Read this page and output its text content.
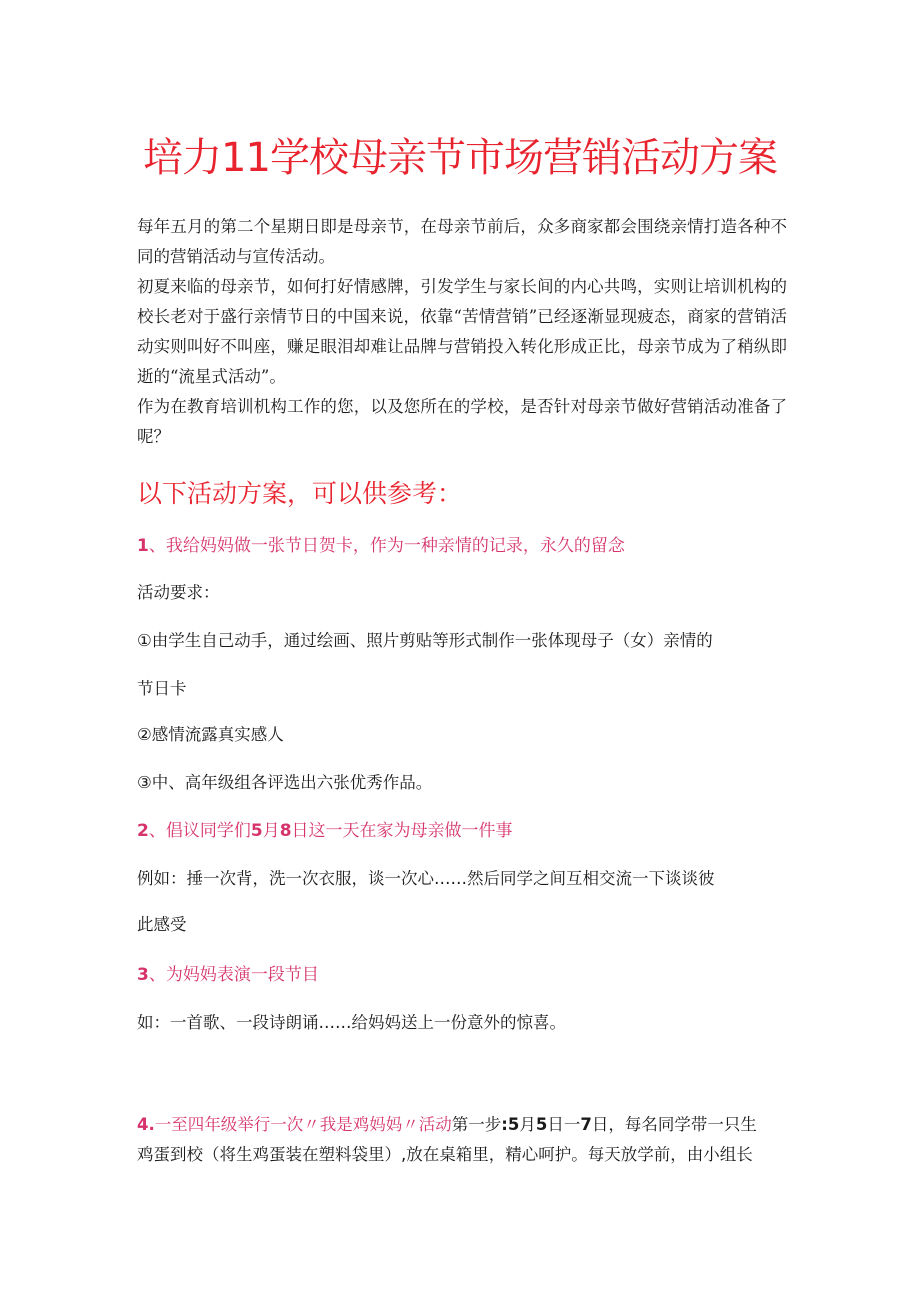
培力11学校母亲节市场营销活动方案

每年五月的第二个星期日即是母亲节，在母亲节前后，众多商家都会围绕亲情打造各种不同的营销活动与宣传活动。

初夏来临的母亲节，如何打好情感牌，引发学生与家长间的内心共鸣，实则让培训机构的校长老对于盛行亲情节日的中国来说，依靠“苦情营销”已经逐渐显现疲态，商家的营销活动实则叫好不叫座，赚足眼泪却难让品牌与营销投入转化形成正比，母亲节成为了稍纵即逝的“流星式活动”。

作为在教育培训机构工作的您，以及您所在的学校，是否针对母亲节做好营销活动准备了呢？

以下活动方案，可以供参考：
1、我给妈妈做一张节日贺卡，作为一种亲情的记录，永久的留念
活动要求：
①由学生自己动手，通过绘画、照片剪贴等形式制作一张体现母子（女）亲情的
节日卡
②感情流露真实感人
③中、高年级组各评选出六张优秀作品。
2、倡议同学们5月8日这一天在家为母亲做一件事
例如：捶一次背，洗一次衣服，谈一次心……然后同学之间互相交流一下谈谈彼
此感受
3、为妈妈表演一段节目
如：一首歌、一段诗朗诵……给妈妈送上一份意外的惊喜。
4.一至四年级举行一次〃我是鸡妈妈〃活动第一步:5月5日一7日，每名同学带一只生
鸡蛋到校（将生鸡蛋装在塑料袋里）,放在桌箱里，精心呵护。每天放学前，由小组长
